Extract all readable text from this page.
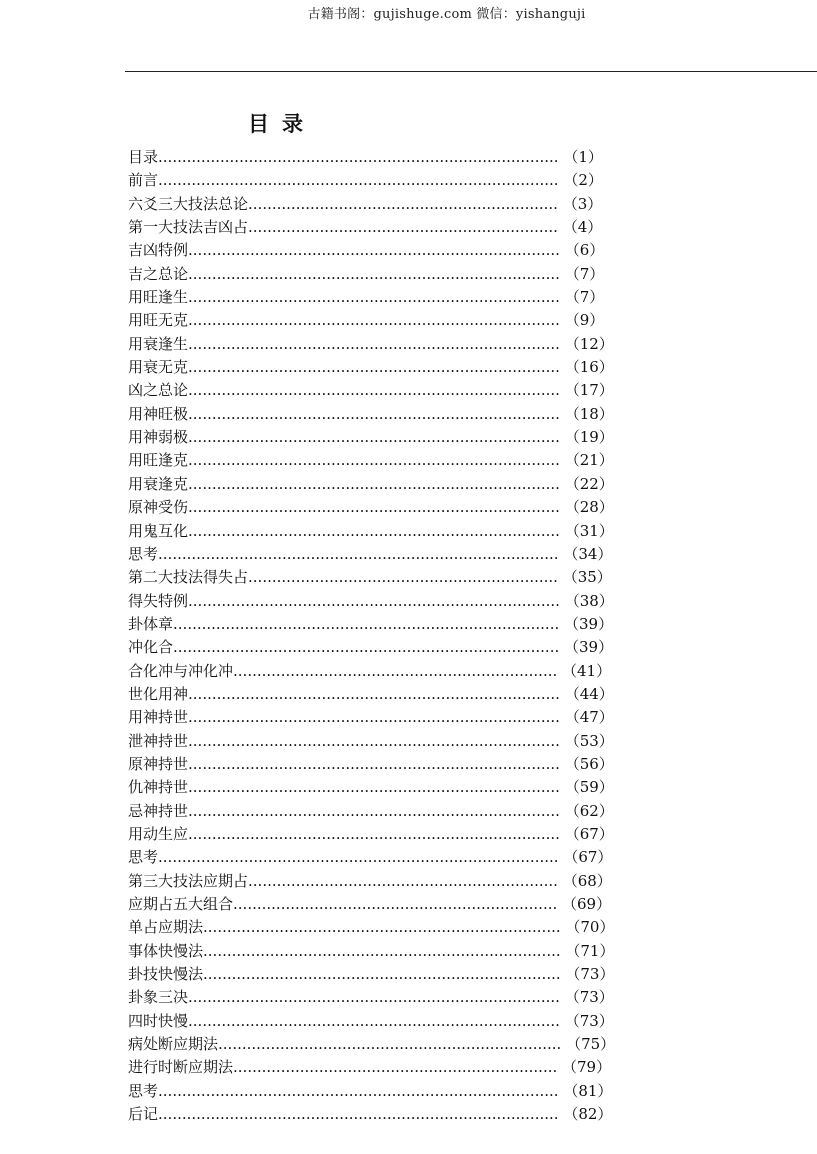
古籍书阁：gujishuge.com 微信：yishanguji
目录
目录.................................................................................... （1）
前言.................................................................................... （2）
六爻三大技法总论................................................................. （3）
第一大技法吉凶占................................................................. （4）
吉凶特例.............................................................................. （6）
吉之总论.............................................................................. （7）
用旺逢生.............................................................................. （7）
用旺无克.............................................................................. （9）
用衰逢生.............................................................................. （12）
用衰无克.............................................................................. （16）
凶之总论.............................................................................. （17）
用神旺极.............................................................................. （18）
用神弱极.............................................................................. （19）
用旺逢克.............................................................................. （21）
用衰逢克.............................................................................. （22）
原神受伤.............................................................................. （28）
用鬼互化.............................................................................. （31）
思考.................................................................................... （34）
第二大技法得失占................................................................. （35）
得失特例.............................................................................. （38）
卦体章................................................................................. （39）
冲化合................................................................................. （39）
合化冲与冲化冲.................................................................... （41）
世化用神.............................................................................. （44）
用神持世.............................................................................. （47）
泄神持世.............................................................................. （53）
原神持世.............................................................................. （56）
仇神持世.............................................................................. （59）
忌神持世.............................................................................. （62）
用动生应.............................................................................. （67）
思考.................................................................................... （67）
第三大技法应期占................................................................. （68）
应期占五大组合.................................................................... （69）
单占应期法........................................................................... （70）
事体快慢法........................................................................... （71）
卦技快慢法........................................................................... （73）
卦象三决.............................................................................. （73）
四时快慢.............................................................................. （73）
病处断应期法........................................................................ （75）
进行时断应期法.................................................................... （79）
思考.................................................................................... （81）
后记.................................................................................... （82）
